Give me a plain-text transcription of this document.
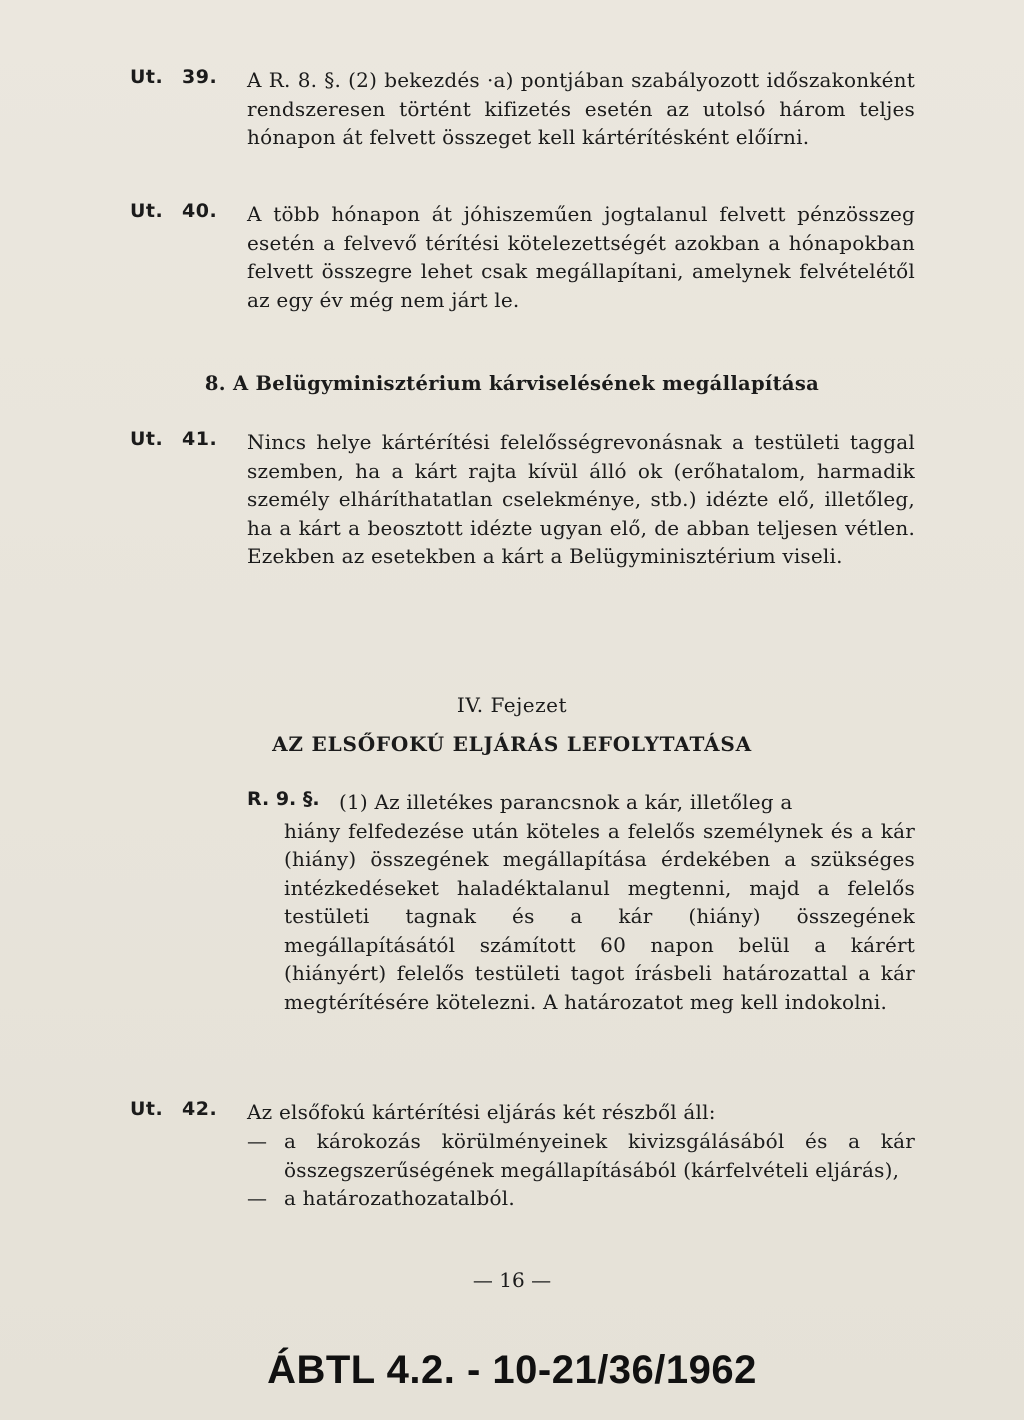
Ut. 39.	A R. 8. §. (2) bekezdés ·a) pontjában szabályozott időszakonként rendszeresen történt kifizetés esetén az utolsó három teljes hónapon át felvett összeget kell kártérítésként előírni.
Ut. 40.	A több hónapon át jóhiszeműen jogtalanul felvett pénzösszeg esetén a felvevő térítési kötelezettségét azokban a hónapokban felvett összegre lehet csak megállapítani, amelynek felvételétől az egy év még nem járt le.
8. A Belügyminisztérium kárviselésének megállapítása
Ut. 41.	Nincs helye kártérítési felelősségrevonásnak a testületi taggal szemben, ha a kárt rajta kívül álló ok (erőhatalom, harmadik személy elháríthatatlan cselekménye, stb.) idézte elő, illetőleg, ha a kárt a beosztott idézte ugyan elő, de abban teljesen vétlen. Ezekben az esetekben a kárt a Belügyminisztérium viseli.
IV. Fejezet
AZ ELSŐFOKÚ ELJÁRÁS LEFOLYTATÁSA
R. 9. §. (1) Az illetékes parancsnok a kár, illetőleg a
hiány felfedezése után köteles a felelős személynek és a kár (hiány) összegének megállapítása érdekében a szükséges intézkedéseket haladéktalanul megtenni, majd a felelős testületi tagnak és a kár (hiány) összegének megállapításától számított 60 napon belül a kárért (hiányért) felelős testületi tagot írásbeli határozattal a kár megtérítésére kötelezni. A határozatot meg kell indokolni.
Ut. 42.	Az elsőfokú kártérítési eljárás két részből áll:
— a károkozás körülményeinek kivizsgálásából és a kár összegszerűségének megállapításából (kárfelvételi eljárás),
— a határozathozatalból.
— 16 —
ÁBTL 4.2. - 10-21/36/1962
